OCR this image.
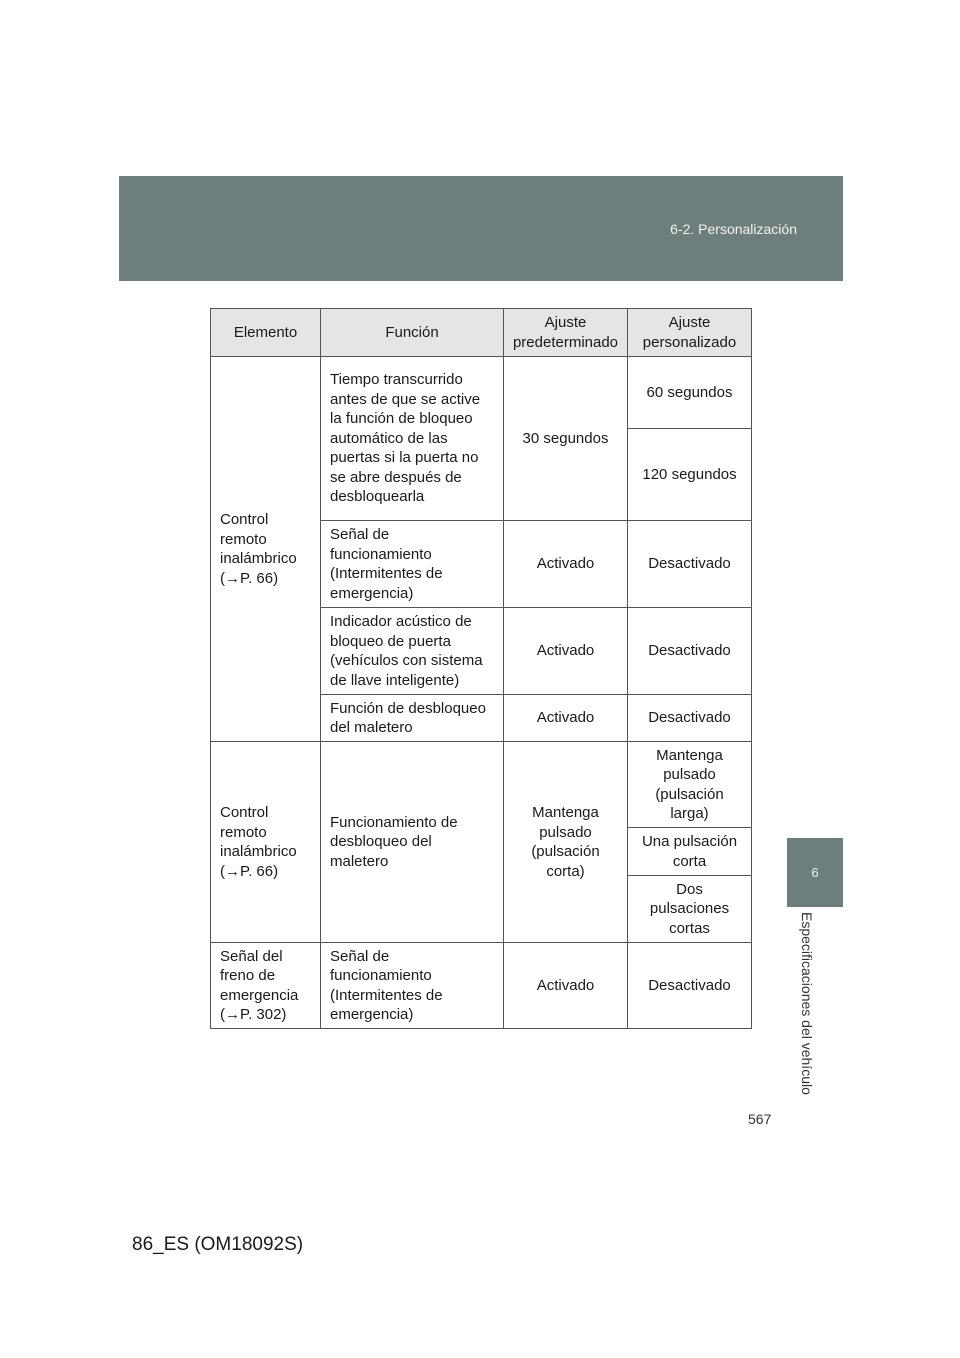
6-2. Personalización
6
Especificaciones del vehículo
Elemento	Función	Ajuste predeterminado	Ajuste personalizado
Control remoto inalámbrico (→P. 66)	Tiempo transcurrido antes de que se active la función de bloqueo automático de las puertas si la puerta no se abre después de desbloquearla	30 segundos	60 segundos
			120 segundos
	Señal de funcionamiento (Intermitentes de emergencia)	Activado	Desactivado
	Indicador acústico de bloqueo de puerta (vehículos con sistema de llave inteligente)	Activado	Desactivado
	Función de desbloqueo del maletero	Activado	Desactivado

Control remoto inalámbrico (→P. 66)	Funcionamiento de desbloqueo del maletero	Mantenga pulsado (pulsación corta)	Mantenga pulsado (pulsación larga)
			Una pulsación corta
			Dos pulsaciones cortas
Señal del freno de emergencia (→P. 302)	Señal de funcionamiento (Intermitentes de emergencia)	Activado	Desactivado
567
86_ES (OM18092S)
